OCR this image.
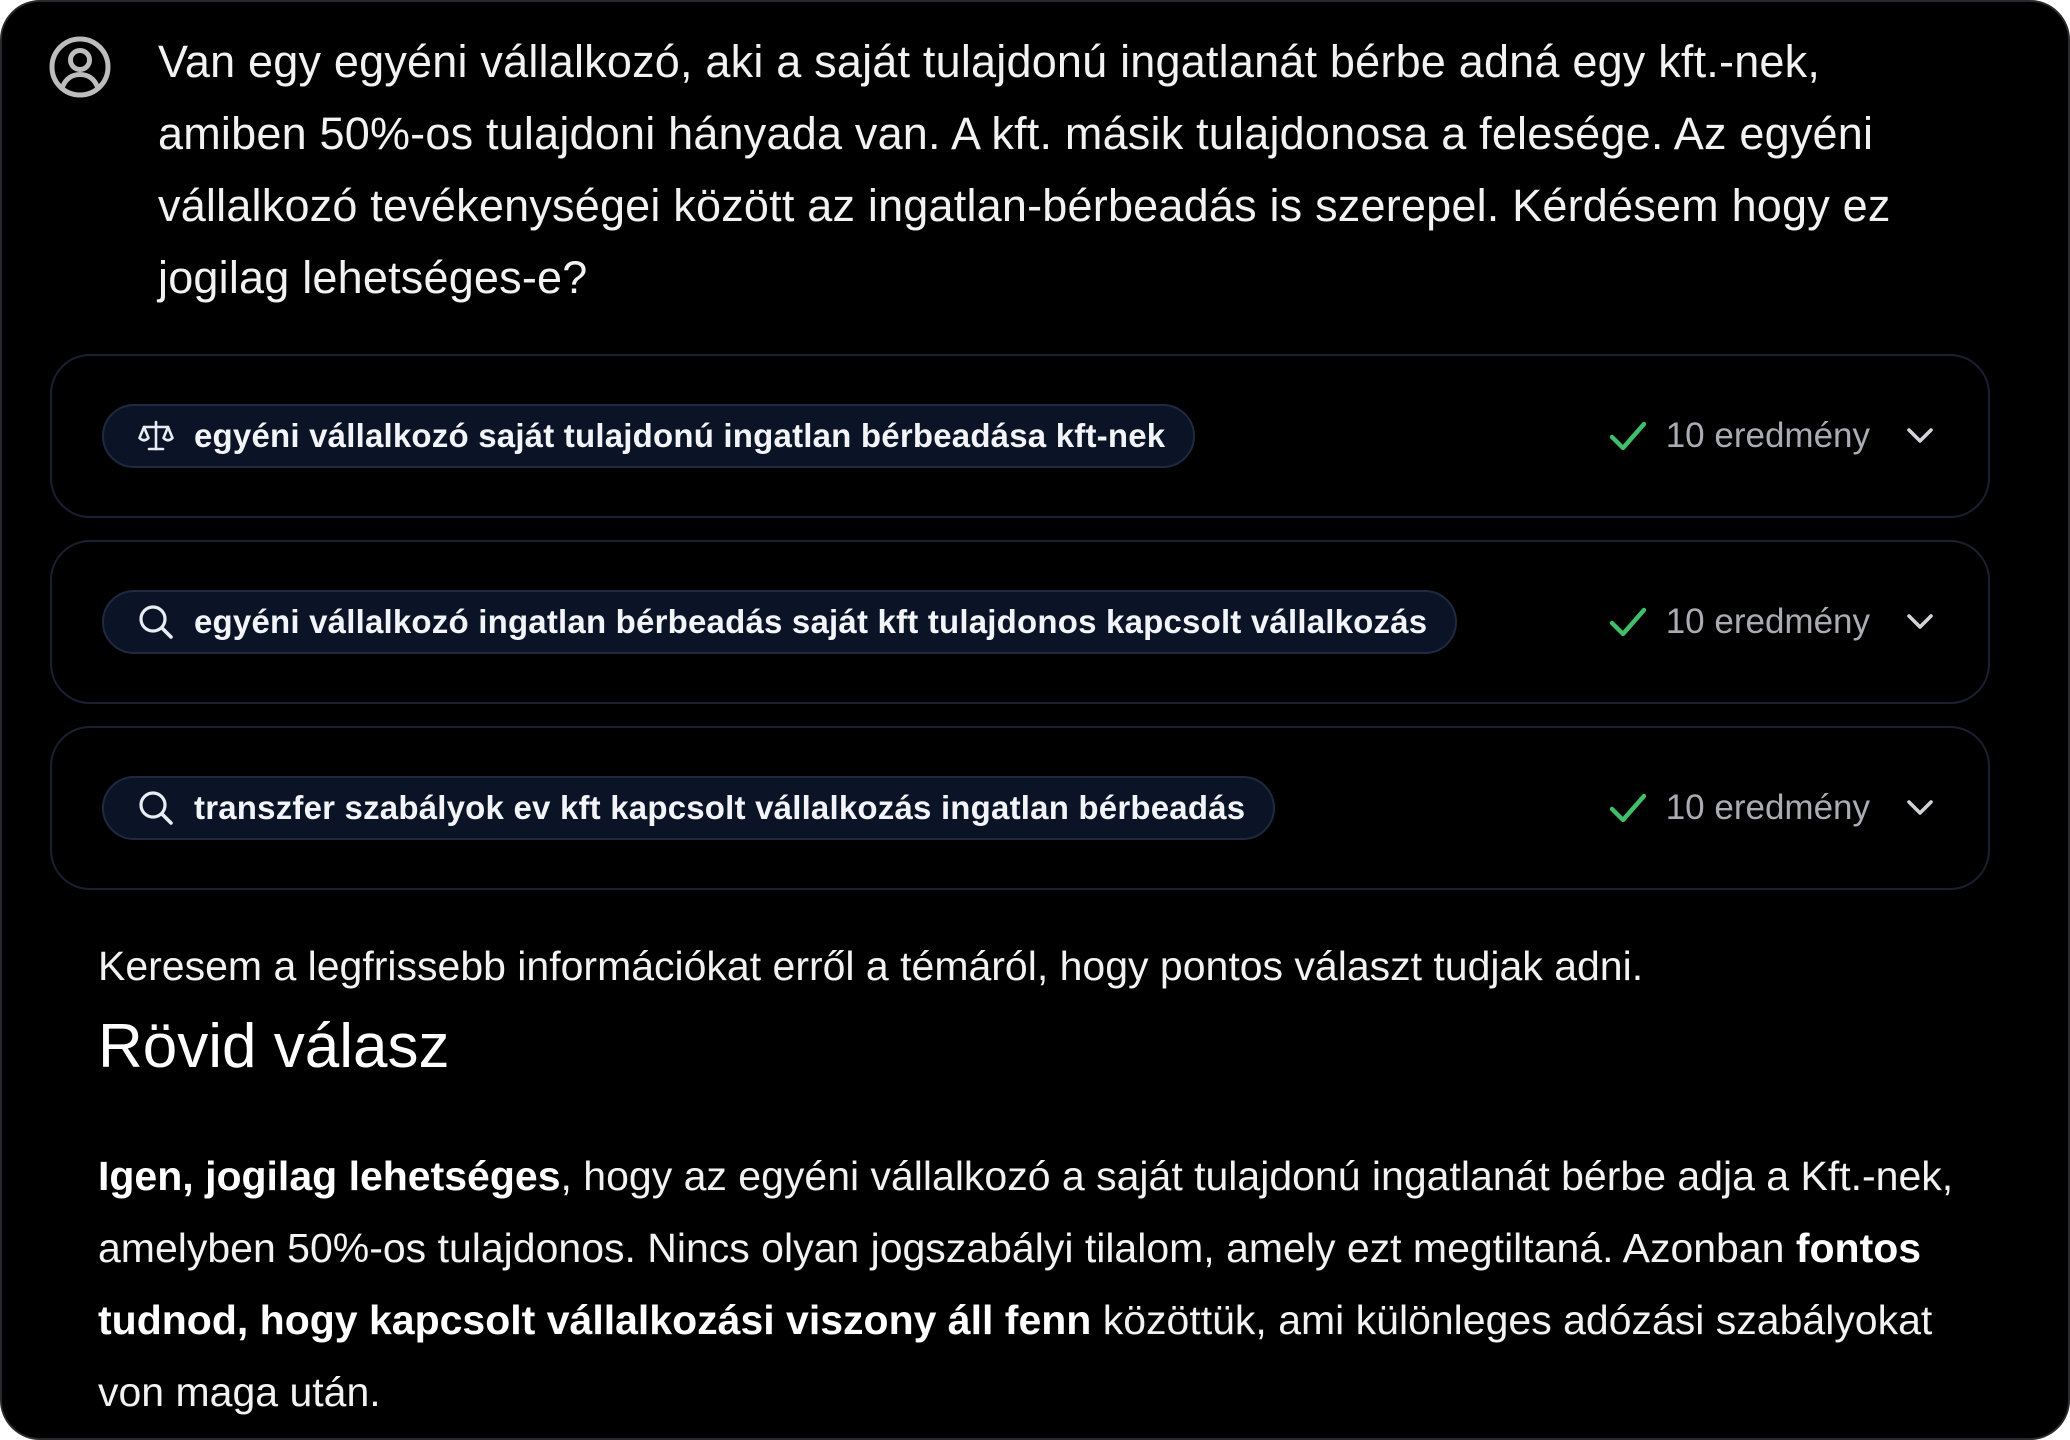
Van egy egyéni vállalkozó, aki a saját tulajdonú ingatlanát bérbe adná egy kft.-nek, amiben 50%-os tulajdoni hányada van. A kft. másik tulajdonosa a felesége. Az egyéni vállalkozó tevékenységei között az ingatlan-bérbeadás is szerepel. Kérdésem hogy ez jogilag lehetséges-e?
egyéni vállalkozó saját tulajdonú ingatlan bérbeadása kft-nek	10 eredmény
egyéni vállalkozó ingatlan bérbeadás saját kft tulajdonos kapcsolt vállalkozás	10 eredmény
transzfer szabályok ev kft kapcsolt vállalkozás ingatlan bérbeadás	10 eredmény
Keresem a legfrissebb információkat erről a témáról, hogy pontos választ tudjak adni.
Rövid válasz

Igen, jogilag lehetséges, hogy az egyéni vállalkozó a saját tulajdonú ingatlanát bérbe adja a Kft.-nek, amelyben 50%-os tulajdonos. Nincs olyan jogszabályi tilalom, amely ezt megtiltaná. Azonban fontos tudnod, hogy kapcsolt vállalkozási viszony áll fenn közöttük, ami különleges adózási szabályokat von maga után.
